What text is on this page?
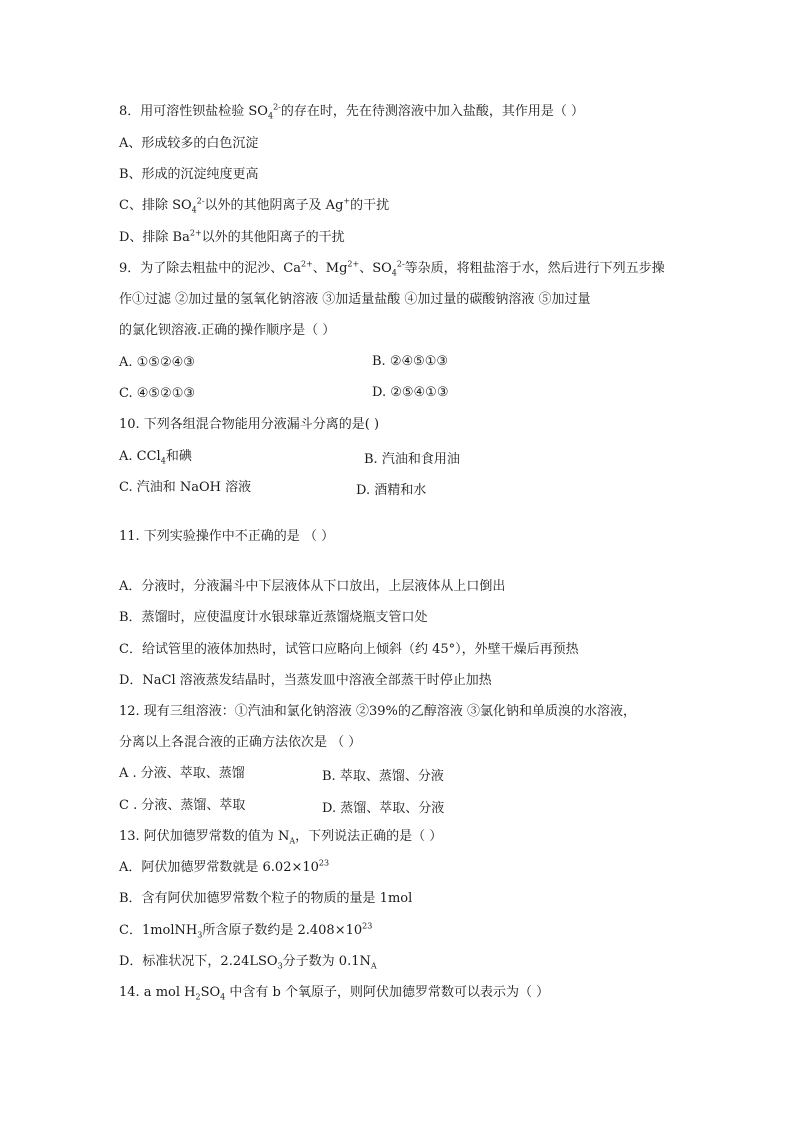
8．用可溶性钡盐检验 $SO_4^{2-}$的存在时，先在待测溶液中加入盐酸，其作用是（ ）
A、形成较多的白色沉淀
B、形成的沉淀纯度更高
C、排除 $SO_4^{2-}$以外的其他阴离子及 Ag+的干扰
D、排除 $Ba^{2+}$以外的其他阳离子的干扰
9．为了除去粗盐中的泥沙、$Ca^{2+}$、$Mg^{2+}$、$SO_4^{2-}$等杂质，将粗盐溶于水，然后进行下列五步操
作①过滤 ②加过量的氢氧化钠溶液 ③加适量盐酸 ④加过量的碳酸钠溶液 ⑤加过量
的氯化钡溶液.正确的操作顺序是（ ）
A. ①⑤②④③	B. ②④⑤①③
C. ④⑤②①③	D. ②⑤④①③
10. 下列各组混合物能用分液漏斗分离的是( )
A. CCl$_4$和碘	B. 汽油和食用油
C. 汽油和 NaOH 溶液	D. 酒精和水
11. 下列实验操作中不正确的是 （ ）
A．分液时，分液漏斗中下层液体从下口放出，上层液体从上口倒出
B．蒸馏时，应使温度计水银球靠近蒸馏烧瓶支管口处
C．给试管里的液体加热时，试管口应略向上倾斜（约 45°），外壁干燥后再预热
D．NaCl 溶液蒸发结晶时，当蒸发皿中溶液全部蒸干时停止加热
12. 现有三组溶液：①汽油和氯化钠溶液 ②39%的乙醇溶液 ③氯化钠和单质溴的水溶液，
分离以上各混合液的正确方法依次是 （ ）
A . 分液、萃取、蒸馏	B. 萃取、蒸馏、分液
C . 分液、蒸馏、萃取	D. 蒸馏、萃取、分液
13. 阿伏加德罗常数的值为 $N_A$，下列说法正确的是（ ）
A．阿伏加德罗常数就是 $6.02\times 10^{23}$
B．含有阿伏加德罗常数个粒子的物质的量是 1mol
C．1molNH$_3$所含原子数约是 $2.408\times 10^{23}$
D．标准状况下，$2.24LSO_3$分子数为 $0.1N_A$
14. a mol $H_2SO_4$ 中含有 b 个氧原子，则阿伏加德罗常数可以表示为（ ）
